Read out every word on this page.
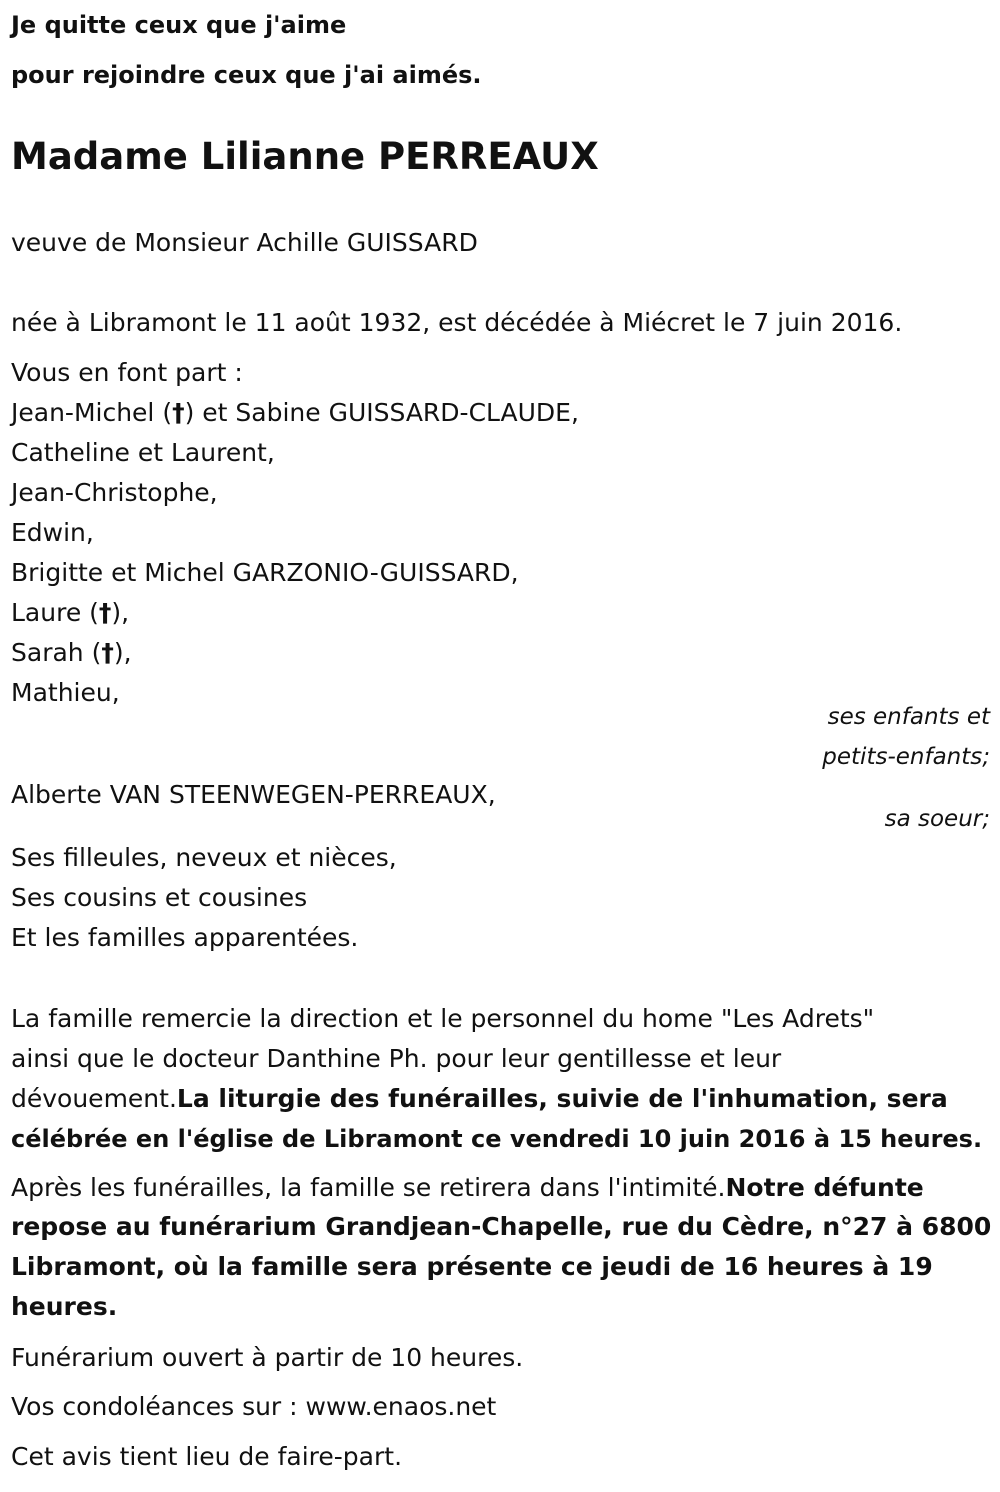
Je quitte ceux que j'aime
pour rejoindre ceux que j'ai aimés.
Madame Lilianne PERREAUX
veuve de Monsieur Achille GUISSARD
née à Libramont le 11 août 1932, est décédée à Miécret le 7 juin 2016.
Vous en font part :
Jean-Michel (†) et Sabine GUISSARD-CLAUDE,
Catheline et Laurent,
Jean-Christophe,
Edwin,
Brigitte et Michel GARZONIO-GUISSARD,
Laure (†),
Sarah (†),
Mathieu,
ses enfants et
petits-enfants;
Alberte VAN STEENWEGEN-PERREAUX,
sa soeur;
Ses filleules, neveux et nièces,
Ses cousins et cousines
Et les familles apparentées.
La famille remercie la direction et le personnel du home "Les Adrets"
ainsi que le docteur Danthine Ph. pour leur gentillesse et leur
dévouement.La liturgie des funérailles, suivie de l'inhumation, sera
célébrée en l'église de Libramont ce vendredi 10 juin 2016 à 15 heures.
Après les funérailles, la famille se retirera dans l'intimité.Notre défunte
repose au funérarium Grandjean-Chapelle, rue du Cèdre, n°27 à 6800
Libramont, où la famille sera présente ce jeudi de 16 heures à 19
heures.
Funérarium ouvert à partir de 10 heures.
Vos condoléances sur : www.enaos.net
Cet avis tient lieu de faire-part.
